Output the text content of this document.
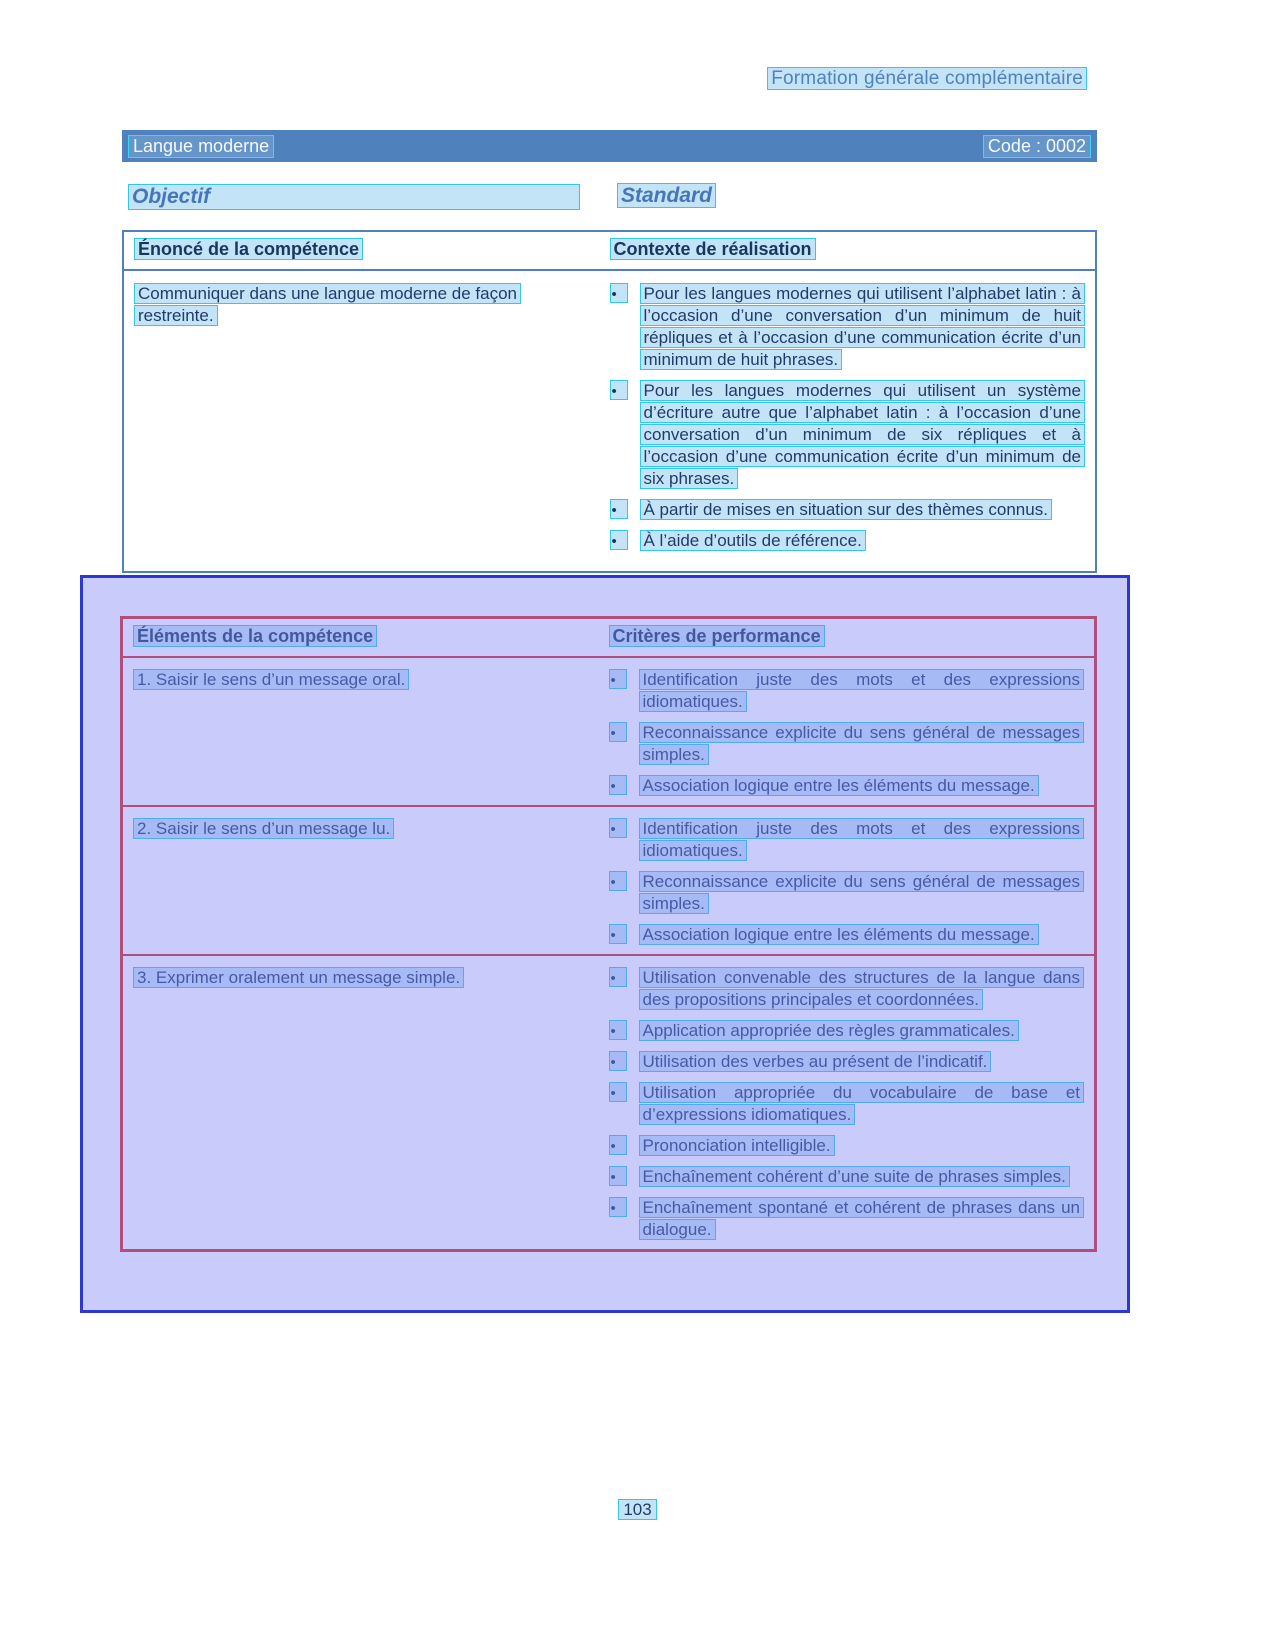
Formation générale complémentaire
Langue moderne	Code : 0002
Objectif	Standard
Énoncé de la compétence	Contexte de réalisation
Communiquer dans une langue moderne de façon restreinte.
•	Pour les langues modernes qui utilisent l’alphabet latin : à l’occasion d’une conversation d’un minimum de huit répliques et à l’occasion d’une communication écrite d’un minimum de huit phrases.
•	Pour les langues modernes qui utilisent un système d’écriture autre que l’alphabet latin : à l’occasion d’une conversation d’un minimum de six répliques et à l’occasion d’une communication écrite d’un minimum de six phrases.
•	À partir de mises en situation sur des thèmes connus.
•	À l’aide d’outils de référence.
Éléments de la compétence	Critères de performance
1. Saisir le sens d’un message oral.	•	Identification juste des mots et des expressions idiomatiques.
•	Reconnaissance explicite du sens général de messages simples.
•	Association logique entre les éléments du message.
2. Saisir le sens d’un message lu.	•	Identification juste des mots et des expressions idiomatiques.
•	Reconnaissance explicite du sens général de messages simples.
•	Association logique entre les éléments du message.
3. Exprimer oralement un message simple.	•	Utilisation convenable des structures de la langue dans des propositions principales et coordonnées.
•	Application appropriée des règles grammaticales.
•	Utilisation des verbes au présent de l’indicatif.
•	Utilisation appropriée du vocabulaire de base et d’expressions idiomatiques.
•	Prononciation intelligible.
•	Enchaînement cohérent d’une suite de phrases simples.
•	Enchaînement spontané et cohérent de phrases dans un dialogue.
103
